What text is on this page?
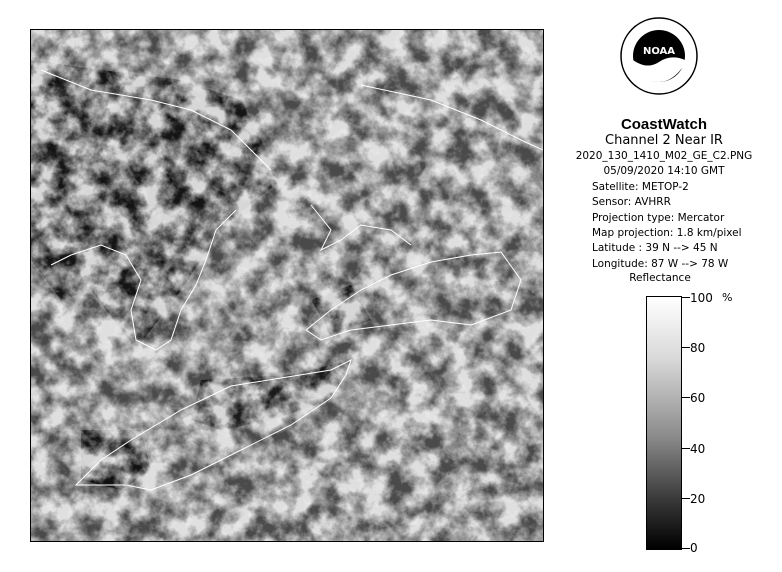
NOAA
CoastWatch
Channel 2 Near IR
2020_130_1410_M02_GE_C2.PNG
05/09/2020 14:10 GMT
Satellite: METOP-2
Sensor: AVHRR
Projection type: Mercator
Map projection: 1.8 km/pixel
Latitude : 39 N --> 45 N
Longitude: 87 W --> 78 W
Reflectance
%
100
80
60
40
20
0
